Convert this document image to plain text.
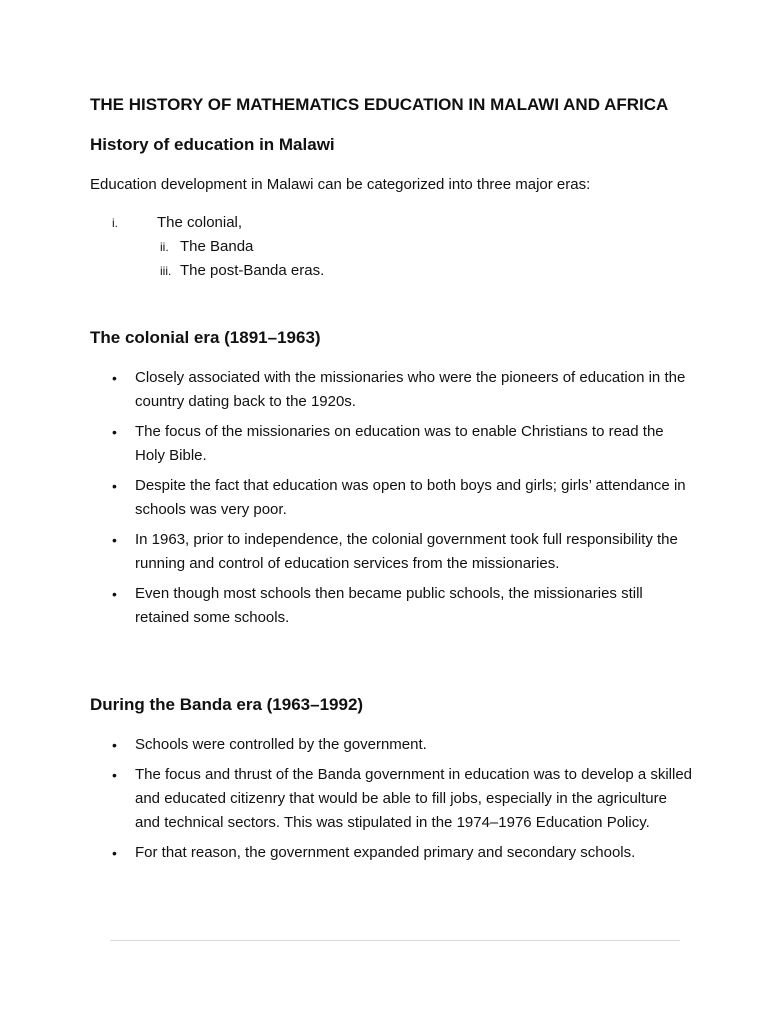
THE HISTORY OF MATHEMATICS EDUCATION IN MALAWI AND AFRICA
History of education in Malawi
Education development in Malawi can be categorized into three major eras:
i.	The colonial,
ii. The Banda
iii. The post-Banda eras.
The colonial era (1891–1963)
• Closely associated with the missionaries who were the pioneers of education in the country dating back to the 1920s.
• The focus of the missionaries on education was to enable Christians to read the Holy Bible.
• Despite the fact that education was open to both boys and girls; girls’ attendance in schools was very poor.
• In 1963, prior to independence, the colonial government took full responsibility the running and control of education services from the missionaries.
• Even though most schools then became public schools, the missionaries still retained some schools.
During the Banda era (1963–1992)
• Schools were controlled by the government.
• The focus and thrust of the Banda government in education was to develop a skilled and educated citizenry that would be able to fill jobs, especially in the agriculture and technical sectors. This was stipulated in the 1974–1976 Education Policy.
• For that reason, the government expanded primary and secondary schools.
